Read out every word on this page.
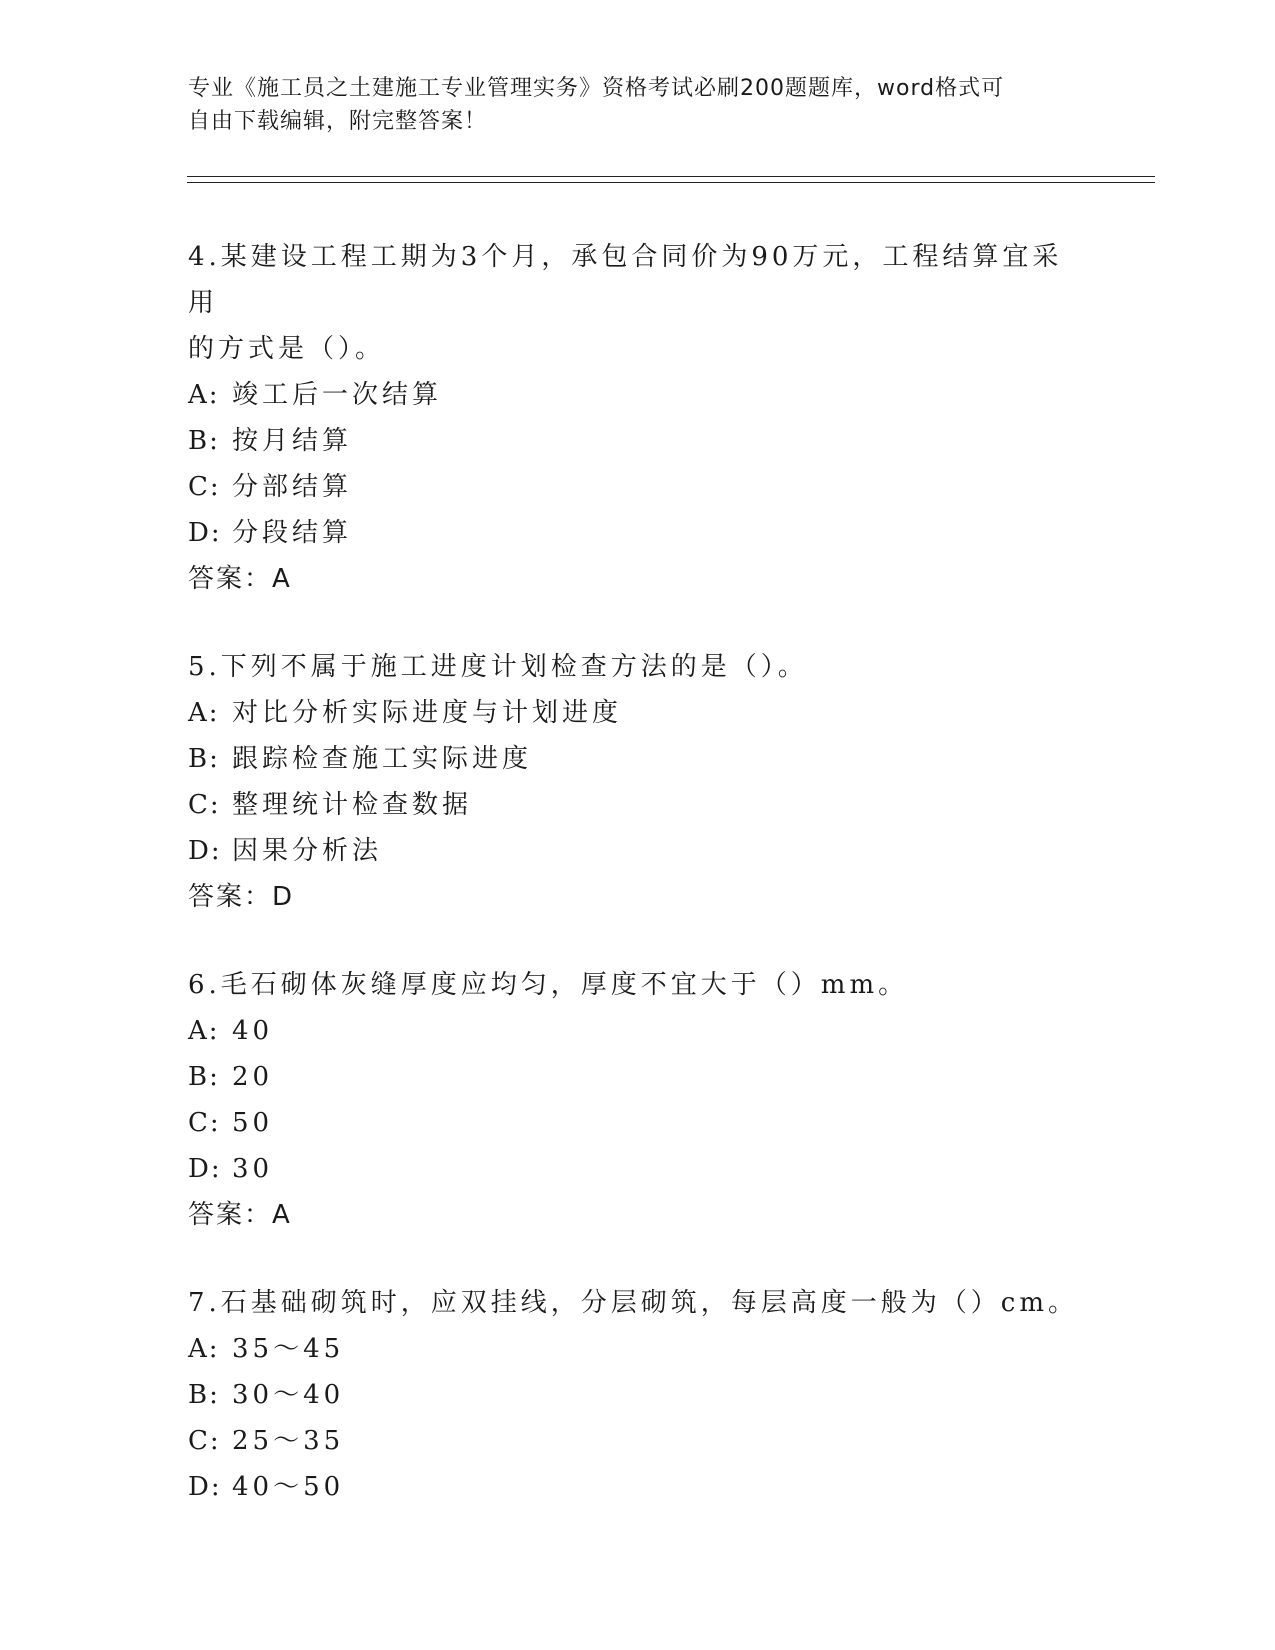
专业《施工员之土建施工专业管理实务》资格考试必刷200题题库，word格式可
自由下载编辑，附完整答案！

4.某建设工程工期为3个月，承包合同价为90万元，工程结算宜采用

的方式是（）。

A: 竣工后一次结算

B: 按月结算

C: 分部结算

D: 分段结算

答案：A

5.下列不属于施工进度计划检查方法的是（）。

A: 对比分析实际进度与计划进度

B: 跟踪检查施工实际进度

C: 整理统计检查数据

D: 因果分析法

答案：D

6.毛石砌体灰缝厚度应均匀，厚度不宜大于（）mm。

A: 40

B: 20

C: 50

D: 30

答案：A

7.石基础砌筑时，应双挂线，分层砌筑，每层高度一般为（）cm。

A: 35～45

B: 30～40

C: 25～35

D: 40～50
